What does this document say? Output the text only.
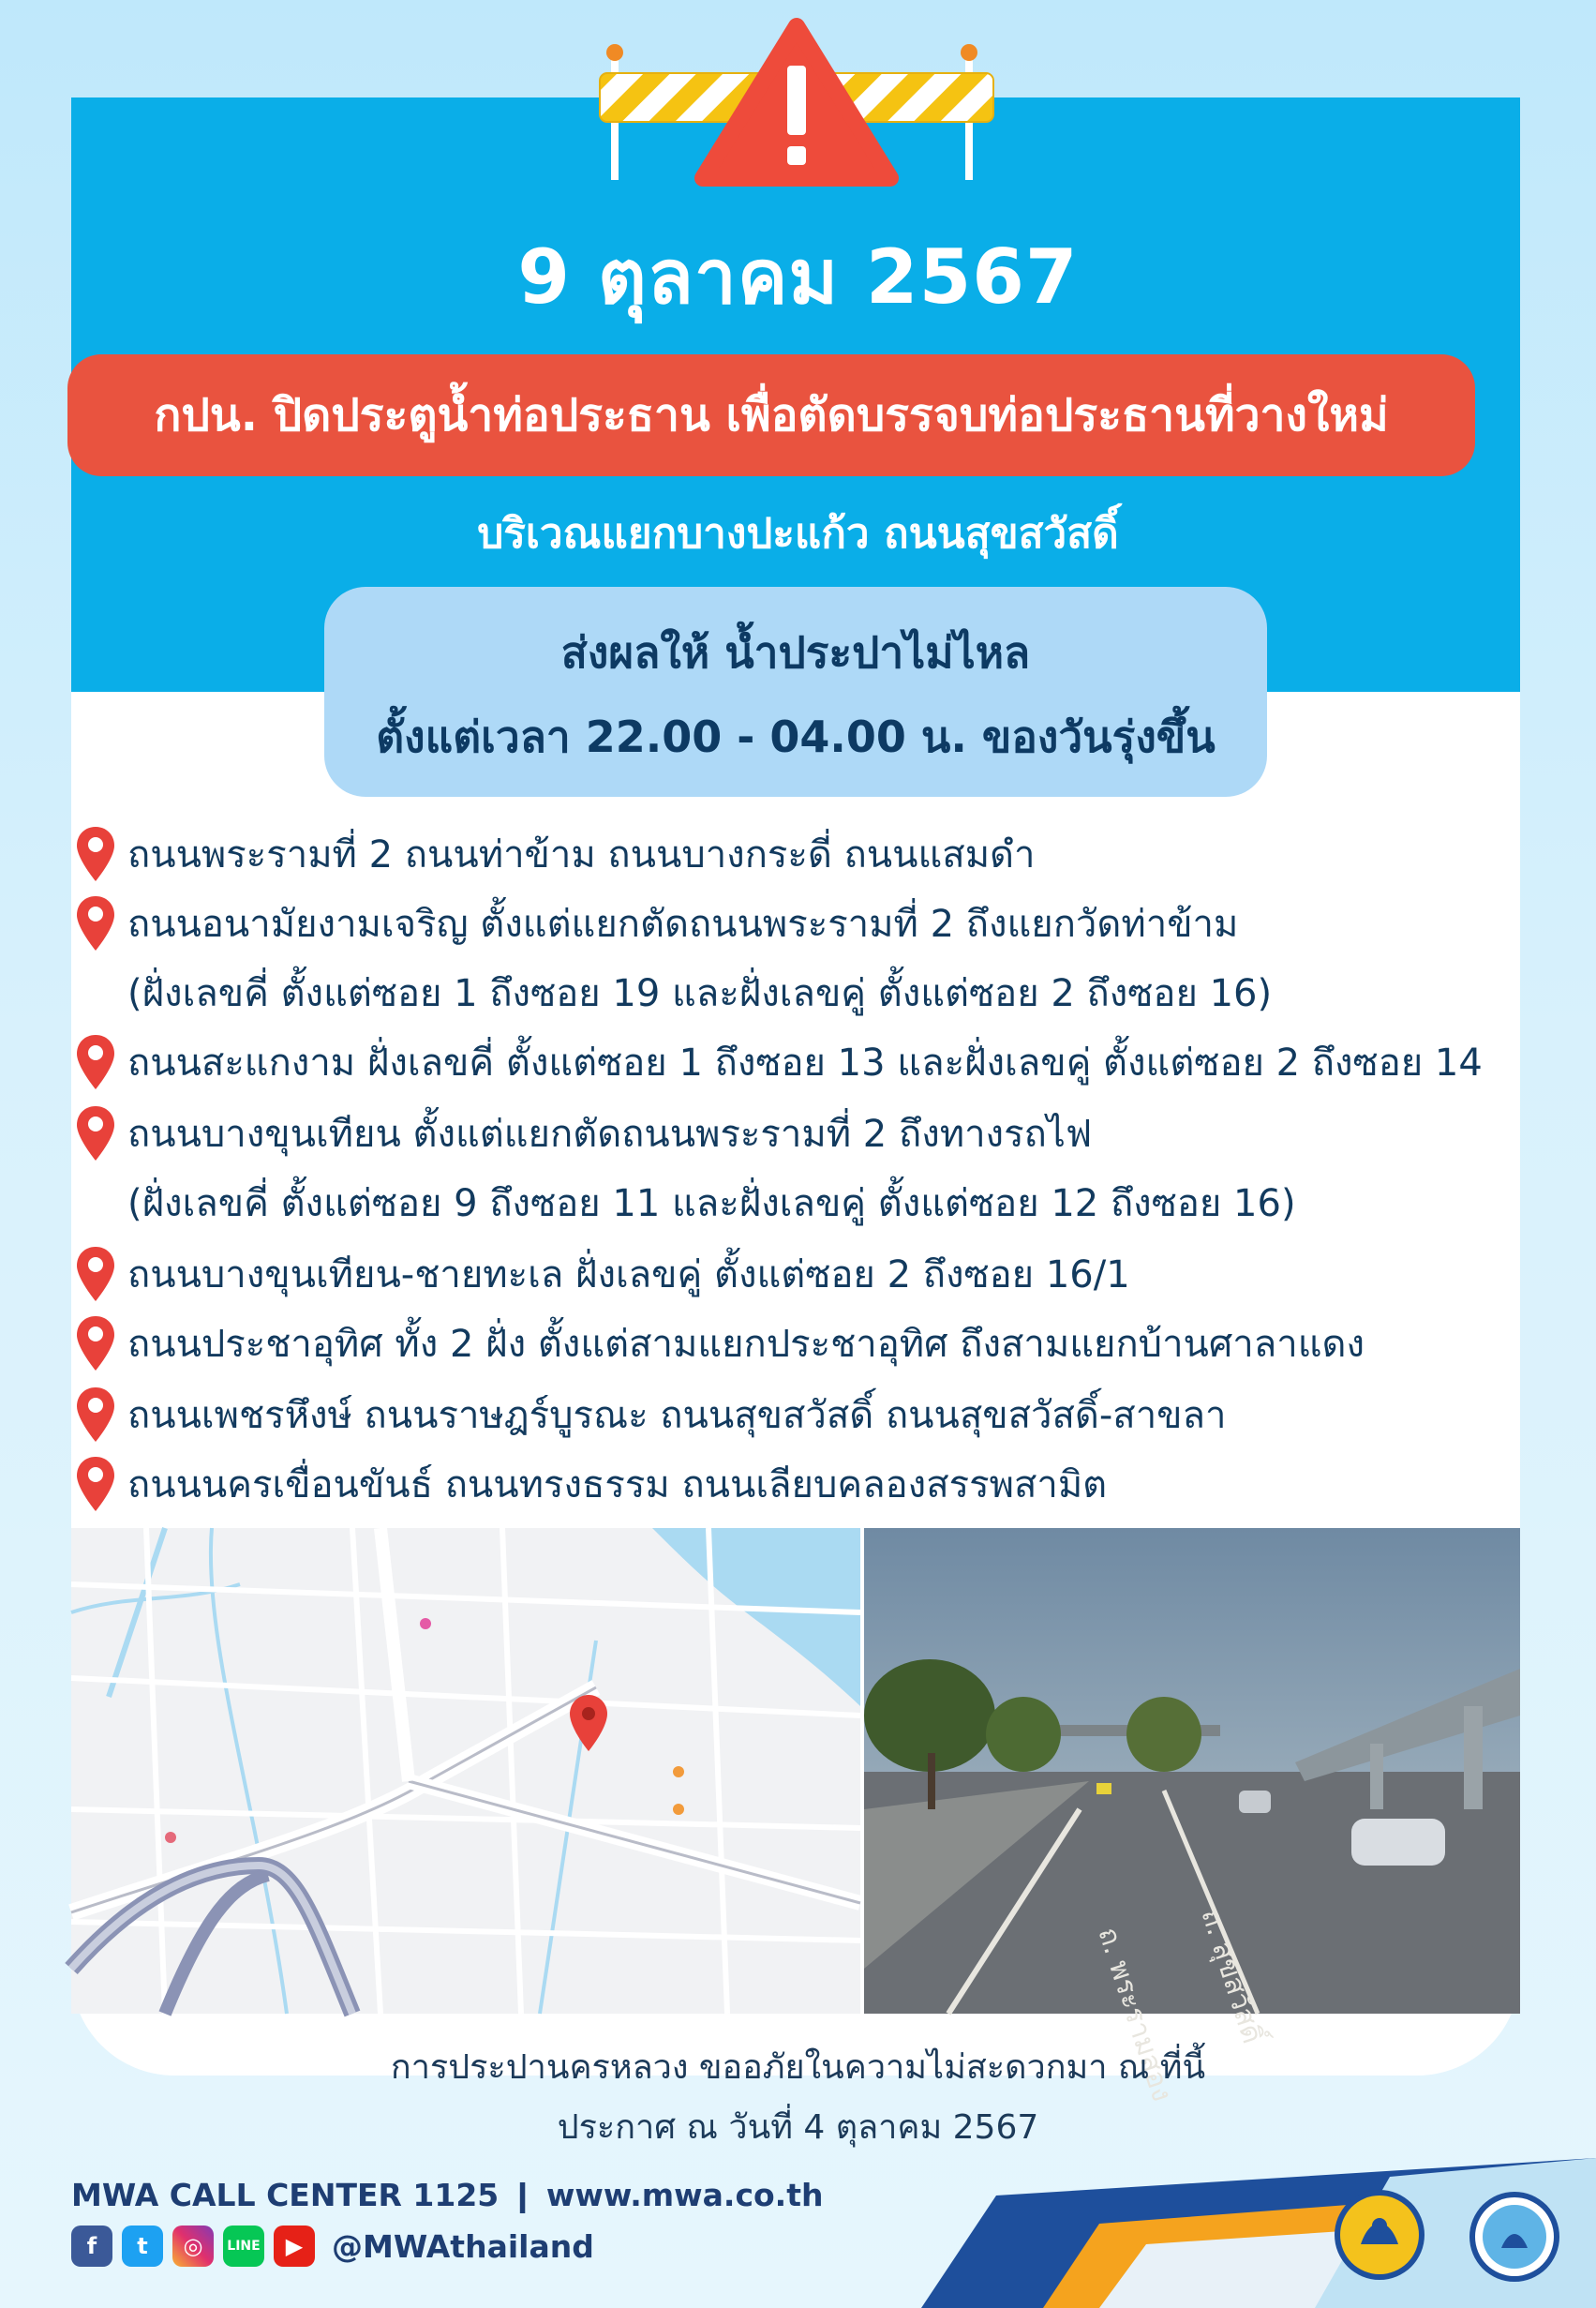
9 ตุลาคม 2567
กปน. ปิดประตูน้ำท่อประธาน เพื่อตัดบรรจบท่อประธานที่วางใหม่
บริเวณแยกบางปะแก้ว ถนนสุขสวัสดิ์
ส่งผลให้ น้ำประปาไม่ไหล
ตั้งแต่เวลา 22.00 - 04.00 น. ของวันรุ่งขึ้น
ถนนพระรามที่ 2 ถนนท่าข้าม ถนนบางกระดี่ ถนนแสมดำ
ถนนอนามัยงามเจริญ ตั้งแต่แยกตัดถนนพระรามที่ 2 ถึงแยกวัดท่าข้าม
(ฝั่งเลขคี่ ตั้งแต่ซอย 1 ถึงซอย 19 และฝั่งเลขคู่ ตั้งแต่ซอย 2 ถึงซอย 16)
ถนนสะแกงาม ฝั่งเลขคี่ ตั้งแต่ซอย 1 ถึงซอย 13 และฝั่งเลขคู่ ตั้งแต่ซอย 2 ถึงซอย 14
ถนนบางขุนเทียน ตั้งแต่แยกตัดถนนพระรามที่ 2 ถึงทางรถไฟ
(ฝั่งเลขคี่ ตั้งแต่ซอย 9 ถึงซอย 11 และฝั่งเลขคู่ ตั้งแต่ซอย 12 ถึงซอย 16)
ถนนบางขุนเทียน-ชายทะเล ฝั่งเลขคู่ ตั้งแต่ซอย 2 ถึงซอย 16/1
ถนนประชาอุทิศ ทั้ง 2 ฝั่ง ตั้งแต่สามแยกประชาอุทิศ ถึงสามแยกบ้านศาลาแดง
ถนนเพชรหึงษ์ ถนนราษฎร์บูรณะ ถนนสุขสวัสดิ์ ถนนสุขสวัสดิ์-สาขลา
ถนนนครเขื่อนขันธ์ ถนนทรงธรรม ถนนเลียบคลองสรรพสามิต
ถ. พระรามสอง ถ. สุขสวัสดิ์
การประปานครหลวง ขออภัยในความไม่สะดวกมา ณ ที่นี้
ประกาศ ณ วันที่ 4 ตุลาคม 2567
MWA CALL CENTER 1125 ❙ www.mwa.co.th
f	t	◎	LINE	▶ @MWAthailand
